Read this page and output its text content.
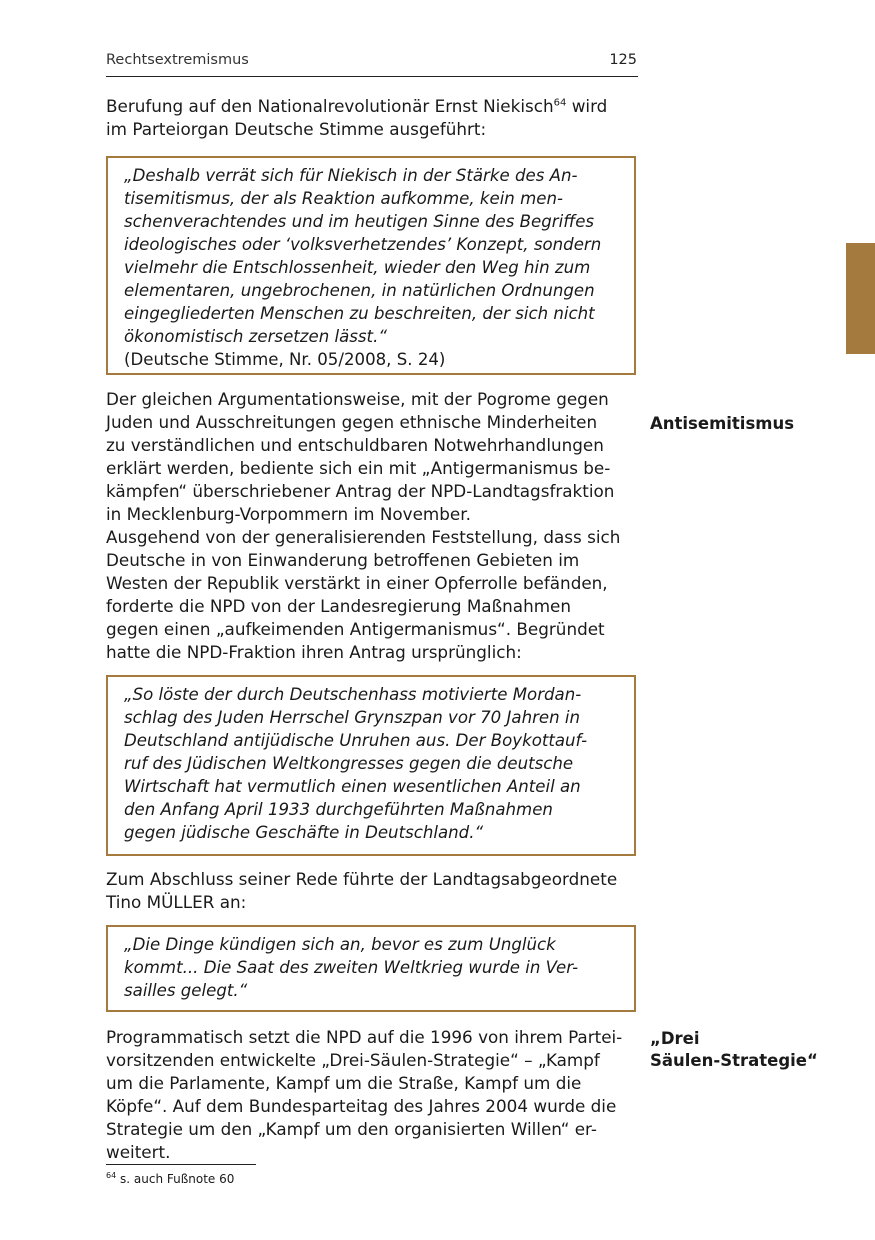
Rechtsextremismus	125

Berufung auf den Nationalrevolutionär Ernst Niekisch$^{64}$ wird
im Parteiorgan Deutsche Stimme ausgeführt:

„Deshalb verrät sich für Niekisch in der Stärke des An-
tisemitismus, der als Reaktion aufkomme, kein men-
schenverachtendes und im heutigen Sinne des Begriffes
ideologisches oder ‘volksverhetzendes’ Konzept, sondern
vielmehr die Entschlossenheit, wieder den Weg hin zum
elementaren, ungebrochenen, in natürlichen Ordnungen
eingegliederten Menschen zu beschreiten, der sich nicht
ökonomistisch zersetzen lässt.“

(Deutsche Stimme, Nr. 05/2008, S. 24)

Der gleichen Argumentationsweise, mit der Pogrome gegen
Juden und Ausschreitungen gegen ethnische Minderheiten
zu verständlichen und entschuldbaren Notwehrhandlungen
erklärt werden, bediente sich ein mit „Antigermanismus be-
kämpfen“ überschriebener Antrag der NPD-Landtagsfraktion
in Mecklenburg-Vorpommern im November.
Ausgehend von der generalisierenden Feststellung, dass sich
Deutsche in von Einwanderung betroffenen Gebieten im
Westen der Republik verstärkt in einer Opferrolle befänden,
forderte die NPD von der Landesregierung Maßnahmen
gegen einen „aufkeimenden Antigermanismus“. Begründet
hatte die NPD-Fraktion ihren Antrag ursprünglich:

Antisemitismus

„So löste der durch Deutschenhass motivierte Mordan-
schlag des Juden Herrschel Grynszpan vor 70 Jahren in
Deutschland antijüdische Unruhen aus. Der Boykottauf-
ruf des Jüdischen Weltkongresses gegen die deutsche
Wirtschaft hat vermutlich einen wesentlichen Anteil an
den Anfang April 1933 durchgeführten Maßnahmen
gegen jüdische Geschäfte in Deutschland.“

Zum Abschluss seiner Rede führte der Landtagsabgeordnete
Tino MÜLLER an:

„Die Dinge kündigen sich an, bevor es zum Unglück
kommt... Die Saat des zweiten Weltkrieg wurde in Ver-
sailles gelegt.“

Programmatisch setzt die NPD auf die 1996 von ihrem Partei-
vorsitzenden entwickelte „Drei-Säulen-Strategie“ – „Kampf
um die Parlamente, Kampf um die Straße, Kampf um die
Köpfe“. Auf dem Bundesparteitag des Jahres 2004 wurde die
Strategie um den „Kampf um den organisierten Willen“ er-
weitert.

„Drei
Säulen-Strategie“
$^{64}$ s. auch Fußnote 60
